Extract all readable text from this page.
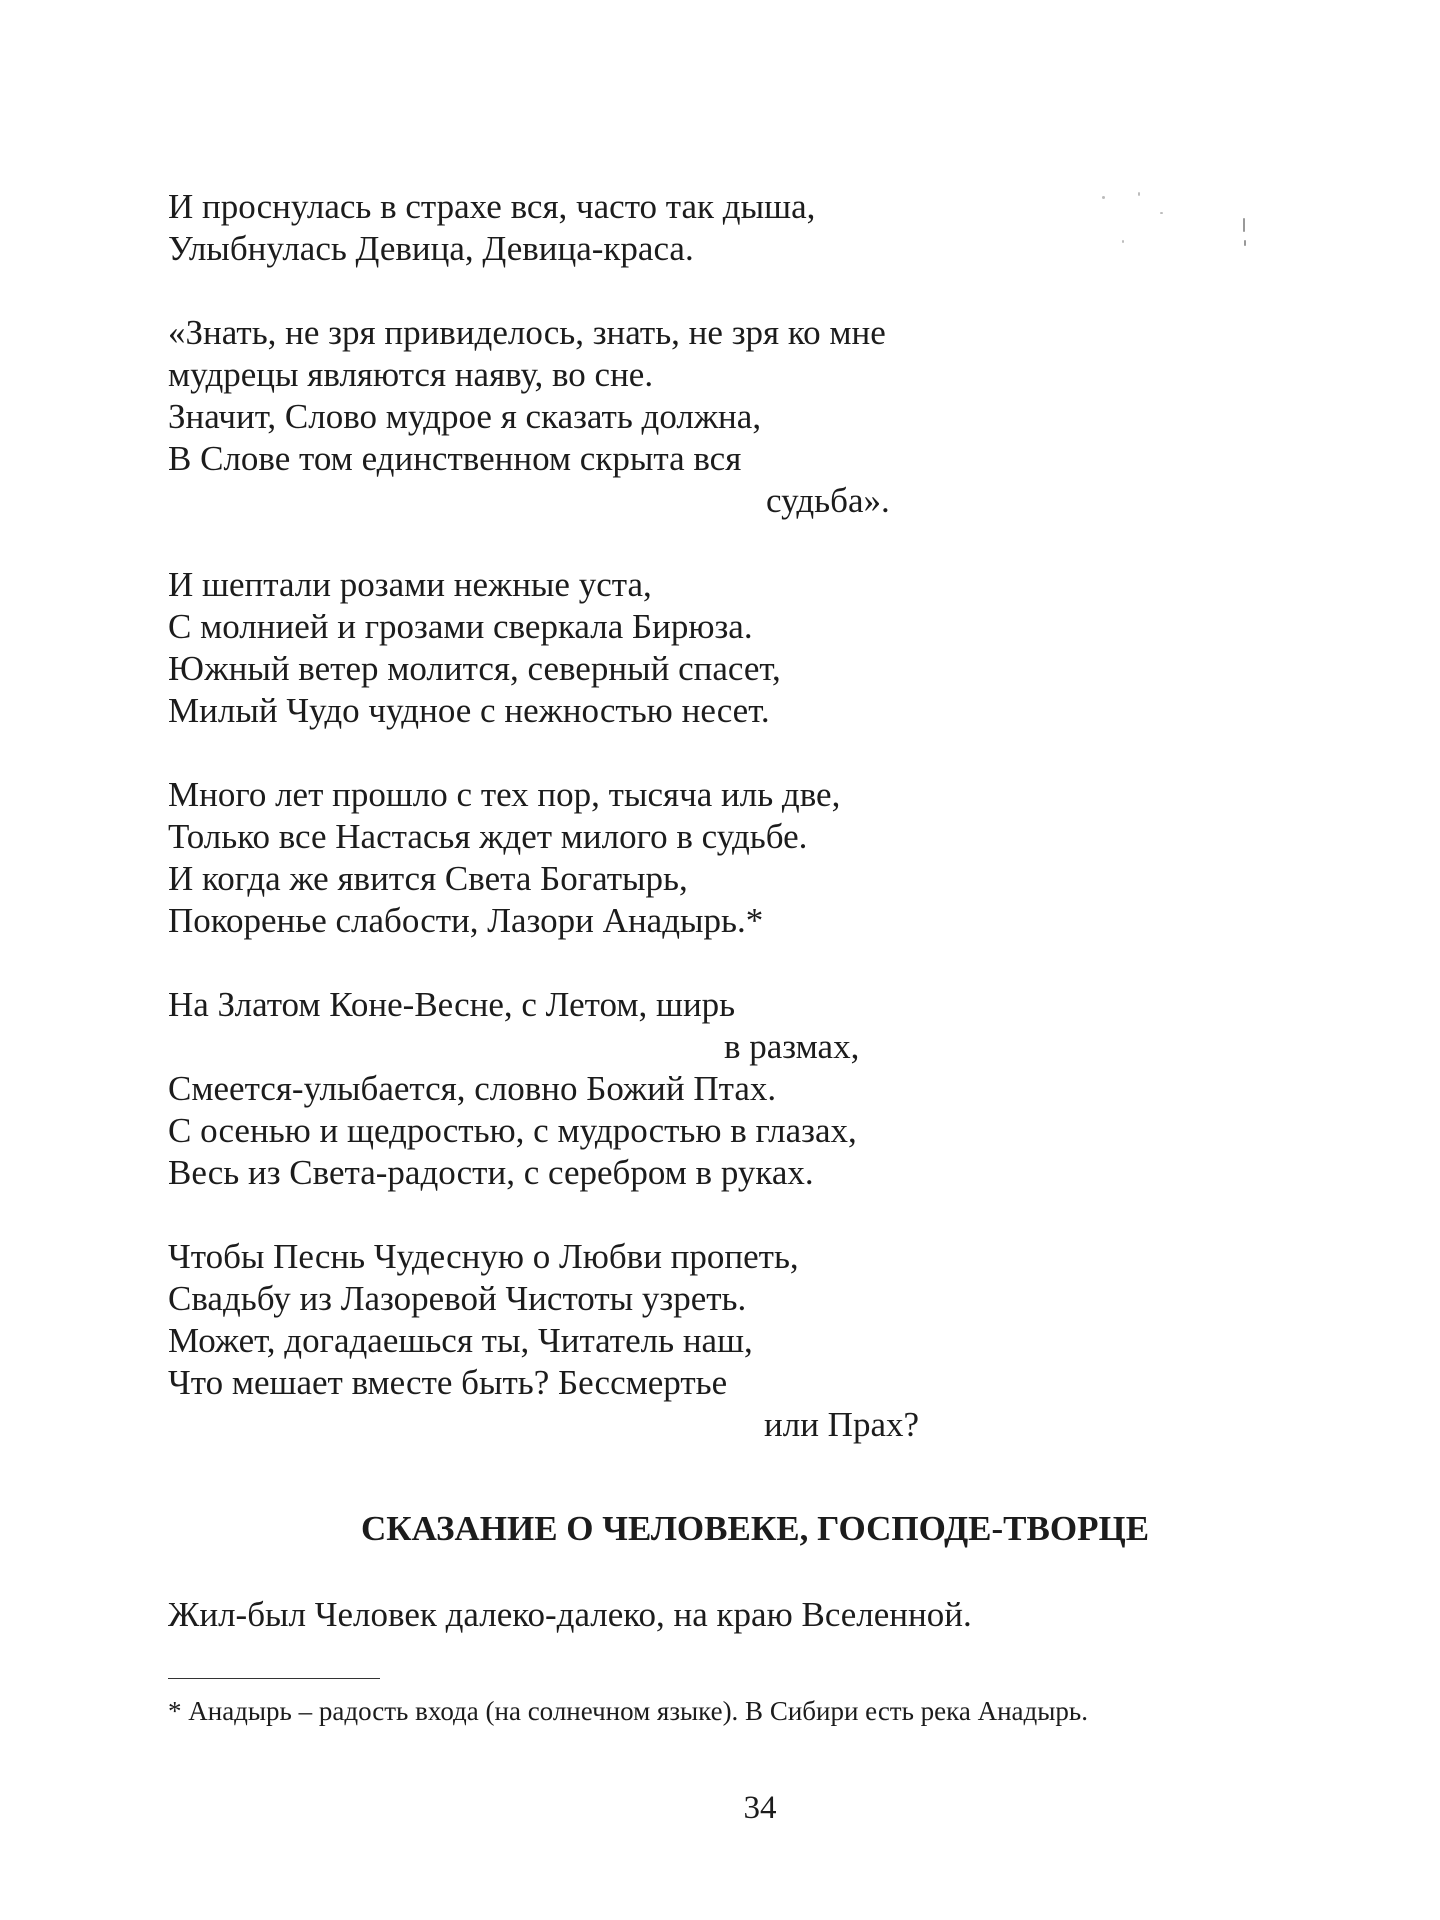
И проснулась в страхе вся, часто так дыша,
Улыбнулась Девица, Девица-краса.
«Знать, не зря привиделось, знать, не зря ко мне
мудрецы являются наяву, во сне.
Значит, Слово мудрое я сказать должна,
В Слове том единственном скрыта вся
судьба».
И шептали розами нежные уста,
С молнией и грозами сверкала Бирюза.
Южный ветер молится, северный спасет,
Милый Чудо чудное с нежностью несет.
Много лет прошло с тех пор, тысяча иль две,
Только все Настасья ждет милого в судьбе.
И когда же явится Света Богатырь,
Покоренье слабости, Лазори Анадырь.*
На Златом Коне-Весне, с Летом, ширь
в размах,
Смеется-улыбается, словно Божий Птах.
С осенью и щедростью, с мудростью в глазах,
Весь из Света-радости, с серебром в руках.
Чтобы Песнь Чудесную о Любви пропеть,
Свадьбу из Лазоревой Чистоты узреть.
Может, догадаешься ты, Читатель наш,
Что мешает вместе быть? Бессмертье
или Прах?
СКАЗАНИЕ О ЧЕЛОВЕКЕ, ГОСПОДЕ-ТВОРЦЕ
Жил-был Человек далеко-далеко, на краю Вселенной.
* Анадырь – радость входа (на солнечном языке). В Сибири есть река Анадырь.
34
